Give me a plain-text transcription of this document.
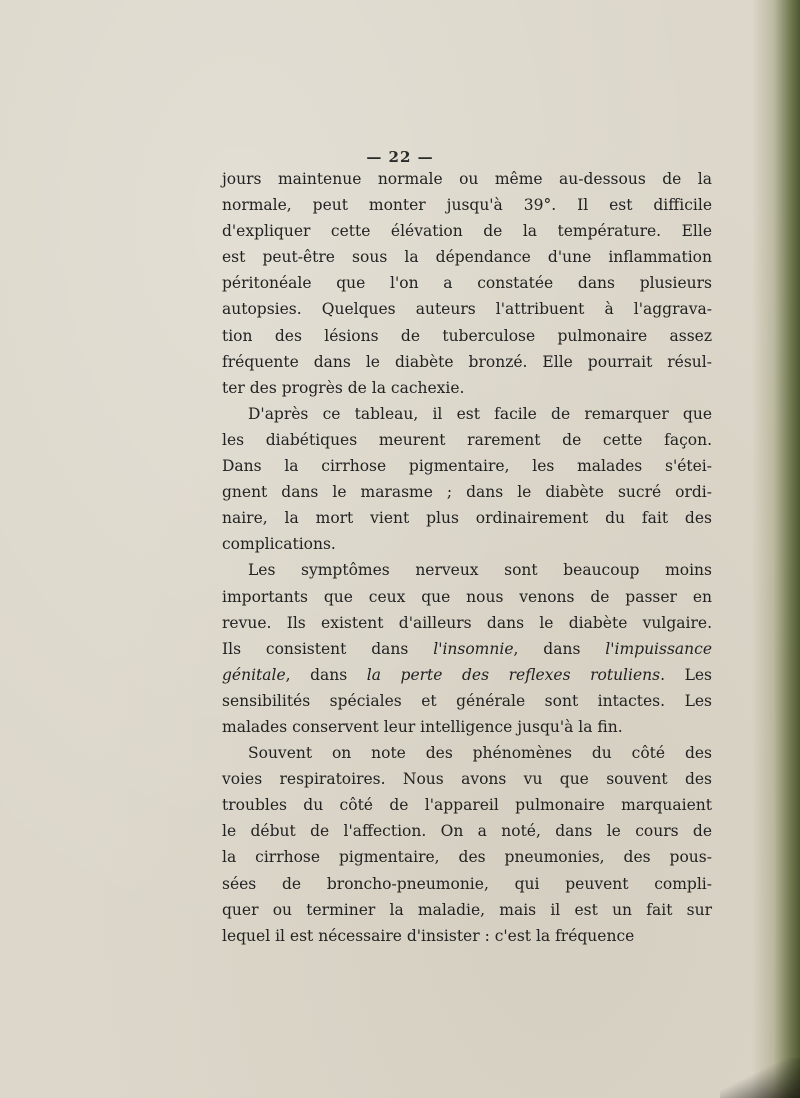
— 22 —
jours maintenue normale ou même au-dessous de la
normale, peut monter jusqu'à 39°. Il est difficile
d'expliquer cette élévation de la température. Elle
est peut-être sous la dépendance d'une inflammation
péritonéale que l'on a constatée dans plusieurs
autopsies. Quelques auteurs l'attribuent à l'aggrava-
tion des lésions de tuberculose pulmonaire assez
fréquente dans le diabète bronzé. Elle pourrait résul-
ter des progrès de la cachexie.
D'après ce tableau, il est facile de remarquer que
les diabétiques meurent rarement de cette façon.
Dans la cirrhose pigmentaire, les malades s'étei-
gnent dans le marasme ; dans le diabète sucré ordi-
naire, la mort vient plus ordinairement du fait des
complications.
Les symptômes nerveux sont beaucoup moins
importants que ceux que nous venons de passer en
revue. Ils existent d'ailleurs dans le diabète vulgaire.
Ils consistent dans l'insomnie, dans l'impuissance
génitale, dans la perte des reflexes rotuliens. Les
sensibilités spéciales et générale sont intactes. Les
malades conservent leur intelligence jusqu'à la fin.
Souvent on note des phénomènes du côté des
voies respiratoires. Nous avons vu que souvent des
troubles du côté de l'appareil pulmonaire marquaient
le début de l'affection. On a noté, dans le cours de
la cirrhose pigmentaire, des pneumonies, des pous-
sées de broncho-pneumonie, qui peuvent compli-
quer ou terminer la maladie, mais il est un fait sur
lequel il est nécessaire d'insister : c'est la fréquence
